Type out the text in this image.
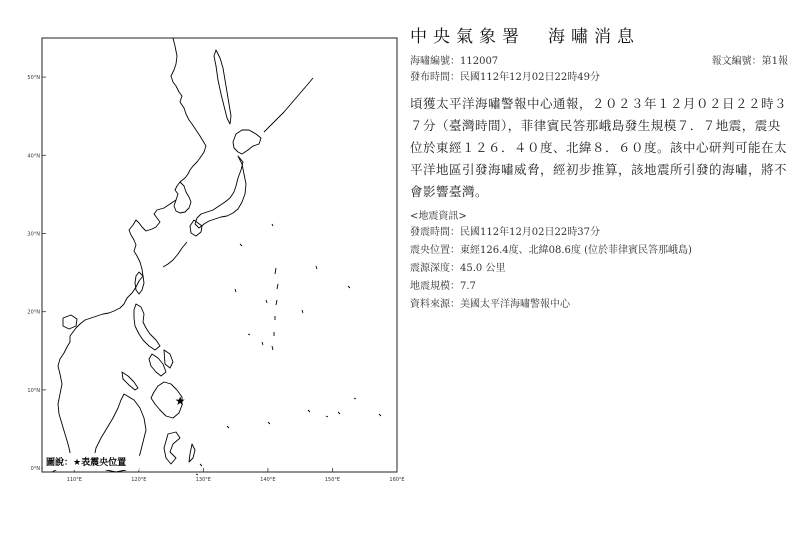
0°N
10°N
20°N
30°N
40°N
50°N
110°E	120°E	130°E	140°E	150°E	160°E
★
圖說：★表震央位置
中央氣象署　海嘯消息
海嘯編號：112007	報文編號：第1報
發布時間：民國112年12月02日22時49分

頃獲太平洋海嘯警報中心通報，２０２３年１２月０２日２２時３７分（臺灣時間），菲律賓民答那峨島發生規模７．７地震，震央位於東經１２６．４０度、北緯８．６０度。該中心研判可能在太平洋地區引發海嘯威脅，經初步推算，該地震所引發的海嘯，將不會影響臺灣。

<地震資訊>
發震時間：民國112年12月02日22時37分
震央位置：東經126.4度、北緯08.6度 (位於菲律賓民答那峨島)
震源深度：45.0 公里
地震規模：7.7
資料來源：美國太平洋海嘯警報中心
